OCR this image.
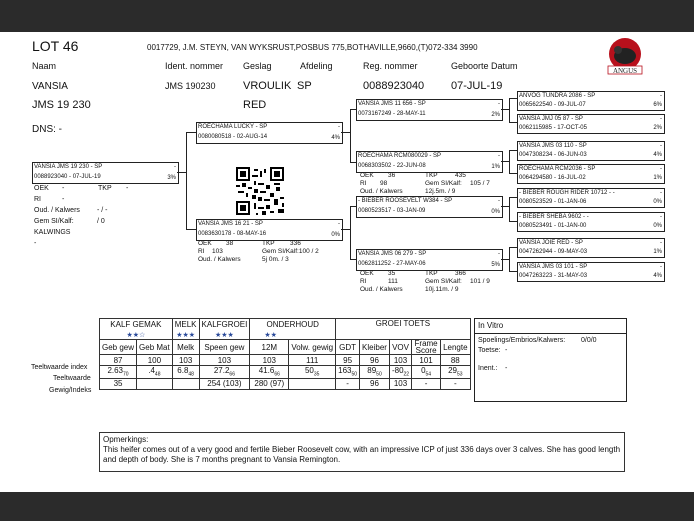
LOT 46	0017729, J.M. STEYN, VAN WYKSRUST,POSBUS 775,BOTHAVILLE,9660,(T)072-334 3990
ANGUS
Naam	Ident. nommer Geslag	Afdeling	Reg. nommer	Geboorte Datum
VANSIA	JMS 190230 VROULIK SP	0088923040 07-JUL-19
JMS 19 230	RED
DNS: -
VANSIA JMS 19 230 - SP	-
0088923040 - 07-JUL-19	3%
OEK -	TKP -
RI	-
Oud. / Kalwers - / -
Gem SI/Kalf:	/ 0
KALWINGS
-
ROECHAMA LUCKY - SP	-
0080080518 - 02-AUG-14	4%
VANSIA JMS 16 21 - SP	-
0083630178 - 08-MAY-16	0%
OEK 38	TKP 336
RI 103	Gem SI/Kalf:100 / 2
Oud. / Kalwers	5j 0m. / 3
VANSIA JMS 11 656 - SP	-
0073167249 - 28-MAY-11	2%
ROECHAMA RCM080029 - SP	-
0068303502 - 22-JUN-08	1%
OEK 36	TKP	435
RI 98	Gem SI/Kalf: 105 / 7
Oud. / Kalwers	12j.5m. / 9
- BIEBER ROOSEVELT W384 - SP	-
0080523517 - 03-JAN-09	0%
VANSIA JMS 06 279 - SP	-
0062811252 - 27-MAY-06	5%
OEK 35	TKP	366
RI	111	Gem SI/Kalf: 101 / 9
Oud. / Kalwers	10j.11m. / 9
ANVOG TUNDRA 2086 - SP	-
0065622540 - 09-JUL-07	6%
VANSIA JMJ 05 87 - SP	-
0062115985 - 17-OCT-05	2%
VANSIA JMS 03 110 - SP	-
0047308234 - 06-JUN-03	4%
ROECHAMA RCM2036 - SP	-
0064294580 - 16-JUL-02	1%
- BIEBER ROUGH RIDER 10712 - -	-
0080523529 - 01-JAN-06	0%
- BIEBER SHEBA 9602 - -	-
0080523491 - 01-JAN-00	0%
VANSIA JOIE RED - SP	-
0047262944 - 09-MAY-03	1%
VANSIA JMS 03 101 - SP	-
0047263223 - 31-MAY-03	4%
Teeltwaarde index
Teeltwaarde
Gewig/Indeks
KALF GEMAK		MELK	KALFGROEI	ONDERHOUD		GROEI TOETS				
★★☆		★★★	★★★	★★						
Geb gew	Geb Mat	Melk	Speen gew	12M	Volw. gewig	GDT	Kleiber	VOV	Frame Score	Lengte
87	100	103	103	103	111	95	96	103	101	88
$2.63_{70}$	$.4_{48}$	$6.8_{48}$	$27.2_{66}$	$41.6_{66}$	$50_{35}$	$163_{50}$	$89_{50}$	$-80_{22}$	$0_{54}$	$29_{53}$
35			254 (103)	280 (97)		-	96	103	-	-
In Vitro
Spoelings/Embrios/Kalwers: 0/0/0
Toetse: -
Inent.: -
Opmerkings:
This heifer comes out of a very good and fertile Bieber Roosevelt cow, with an impressive ICP of just 336 days over 3 calves. She has good length and depth of body. She is 7 months pregnant to Vansia Remington.
